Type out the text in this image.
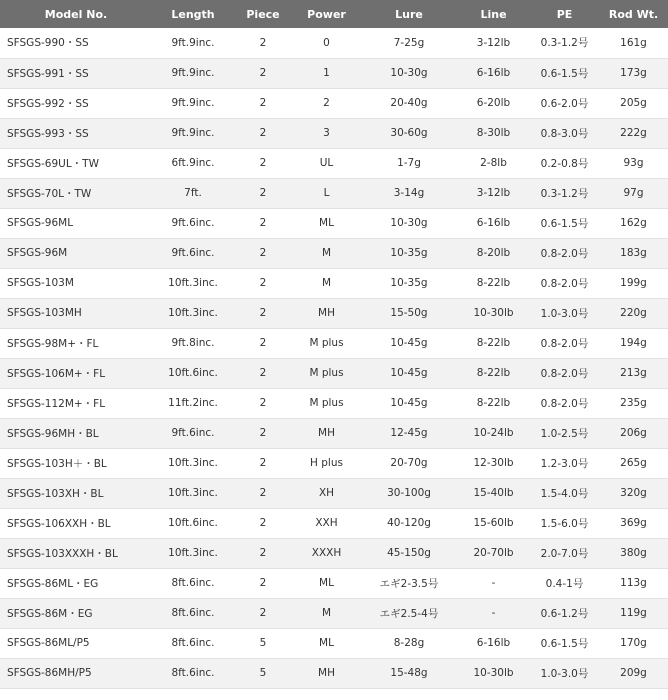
Model No.	Length	Piece	Power	Lure	Line	PE	Rod Wt.
SFSGS-990・SS	9ft.9inc.	2	0	7-25g	3-12lb	0.3-1.2号	161g
SFSGS-991・SS	9ft.9inc.	2	1	10-30g	6-16lb	0.6-1.5号	173g
SFSGS-992・SS	9ft.9inc.	2	2	20-40g	6-20lb	0.6-2.0号	205g
SFSGS-993・SS	9ft.9inc.	2	3	30-60g	8-30lb	0.8-3.0号	222g
SFSGS-69UL・TW	6ft.9inc.	2	UL	1-7g	2-8lb	0.2-0.8号	93g
SFSGS-70L・TW	7ft.	2	L	3-14g	3-12lb	0.3-1.2号	97g
SFSGS-96ML	9ft.6inc.	2	ML	10-30g	6-16lb	0.6-1.5号	162g
SFSGS-96M	9ft.6inc.	2	M	10-35g	8-20lb	0.8-2.0号	183g
SFSGS-103M	10ft.3inc.	2	M	10-35g	8-22lb	0.8-2.0号	199g
SFSGS-103MH	10ft.3inc.	2	MH	15-50g	10-30lb	1.0-3.0号	220g
SFSGS-98M+・FL	9ft.8inc.	2	M plus	10-45g	8-22lb	0.8-2.0号	194g
SFSGS-106M+・FL	10ft.6inc.	2	M plus	10-45g	8-22lb	0.8-2.0号	213g
SFSGS-112M+・FL	11ft.2inc.	2	M plus	10-45g	8-22lb	0.8-2.0号	235g
SFSGS-96MH・BL	9ft.6inc.	2	MH	12-45g	10-24lb	1.0-2.5号	206g
SFSGS-103H＋・BL	10ft.3inc.	2	H plus	20-70g	12-30lb	1.2-3.0号	265g
SFSGS-103XH・BL	10ft.3inc.	2	XH	30-100g	15-40lb	1.5-4.0号	320g
SFSGS-106XXH・BL	10ft.6inc.	2	XXH	40-120g	15-60lb	1.5-6.0号	369g
SFSGS-103XXXH・BL	10ft.3inc.	2	XXXH	45-150g	20-70lb	2.0-7.0号	380g
SFSGS-86ML・EG	8ft.6inc.	2	ML	エギ2-3.5号	-	0.4-1号	113g
SFSGS-86M・EG	8ft.6inc.	2	M	エギ2.5-4号	-	0.6-1.2号	119g
SFSGS-86ML/P5	8ft.6inc.	5	ML	8-28g	6-16lb	0.6-1.5号	170g
SFSGS-86MH/P5	8ft.6inc.	5	MH	15-48g	10-30lb	1.0-3.0号	209g
